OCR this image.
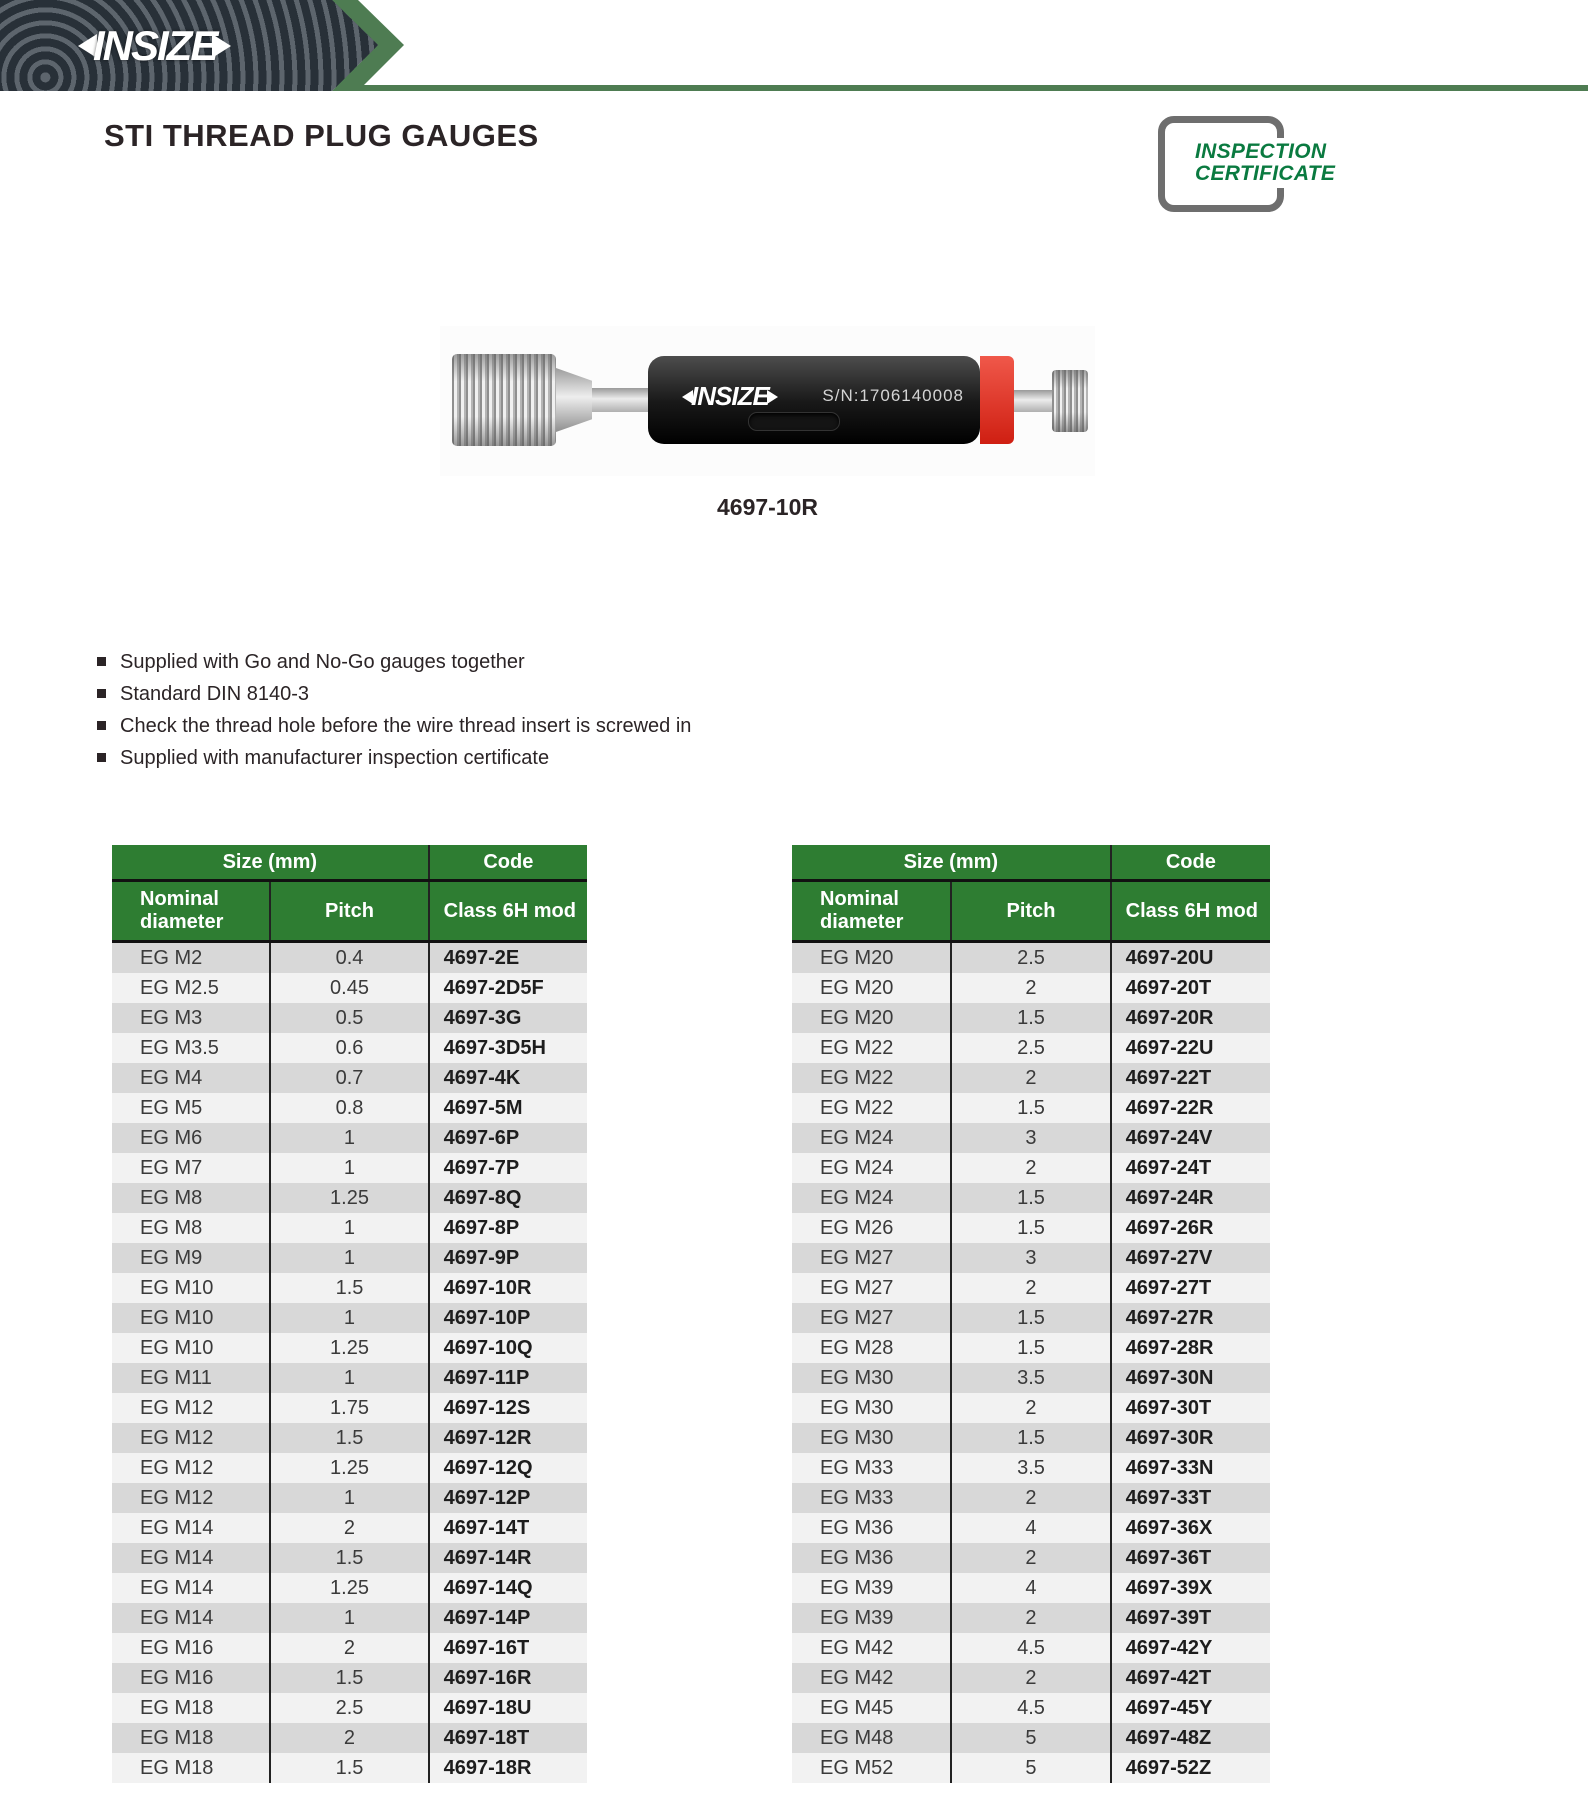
INSIZE
STI THREAD PLUG GAUGES	INSPECTION
CERTIFICATE
INSIZE	S/N:1706140008
4697-10R
Supplied with Go and No-Go gauges together
Standard DIN 8140-3
Check the thread hole before the wire thread insert is screwed in
Supplied with manufacturer inspection certificate
Size (mm)		Code
Nominal diameter	Pitch	Class 6H mod
EG M2	0.4	4697-2E
EG M2.5	0.45	4697-2D5F
EG M3	0.5	4697-3G
EG M3.5	0.6	4697-3D5H
EG M4	0.7	4697-4K
EG M5	0.8	4697-5M
EG M6	1	4697-6P
EG M7	1	4697-7P
EG M8	1.25	4697-8Q
EG M8	1	4697-8P
EG M9	1	4697-9P
EG M10	1.5	4697-10R
EG M10	1	4697-10P
EG M10	1.25	4697-10Q
EG M11	1	4697-11P
EG M12	1.75	4697-12S
EG M12	1.5	4697-12R
EG M12	1.25	4697-12Q
EG M12	1	4697-12P
EG M14	2	4697-14T
EG M14	1.5	4697-14R
EG M14	1.25	4697-14Q
EG M14	1	4697-14P
EG M16	2	4697-16T
EG M16	1.5	4697-16R
EG M18	2.5	4697-18U
EG M18	2	4697-18T
EG M18	1.5	4697-18R
Size (mm)		Code
Nominal diameter	Pitch	Class 6H mod
EG M20	2.5	4697-20U
EG M20	2	4697-20T
EG M20	1.5	4697-20R
EG M22	2.5	4697-22U
EG M22	2	4697-22T
EG M22	1.5	4697-22R
EG M24	3	4697-24V
EG M24	2	4697-24T
EG M24	1.5	4697-24R
EG M26	1.5	4697-26R
EG M27	3	4697-27V
EG M27	2	4697-27T
EG M27	1.5	4697-27R
EG M28	1.5	4697-28R
EG M30	3.5	4697-30N
EG M30	2	4697-30T
EG M30	1.5	4697-30R
EG M33	3.5	4697-33N
EG M33	2	4697-33T
EG M36	4	4697-36X
EG M36	2	4697-36T
EG M39	4	4697-39X
EG M39	2	4697-39T
EG M42	4.5	4697-42Y
EG M42	2	4697-42T
EG M45	4.5	4697-45Y
EG M48	5	4697-48Z
EG M52	5	4697-52Z
